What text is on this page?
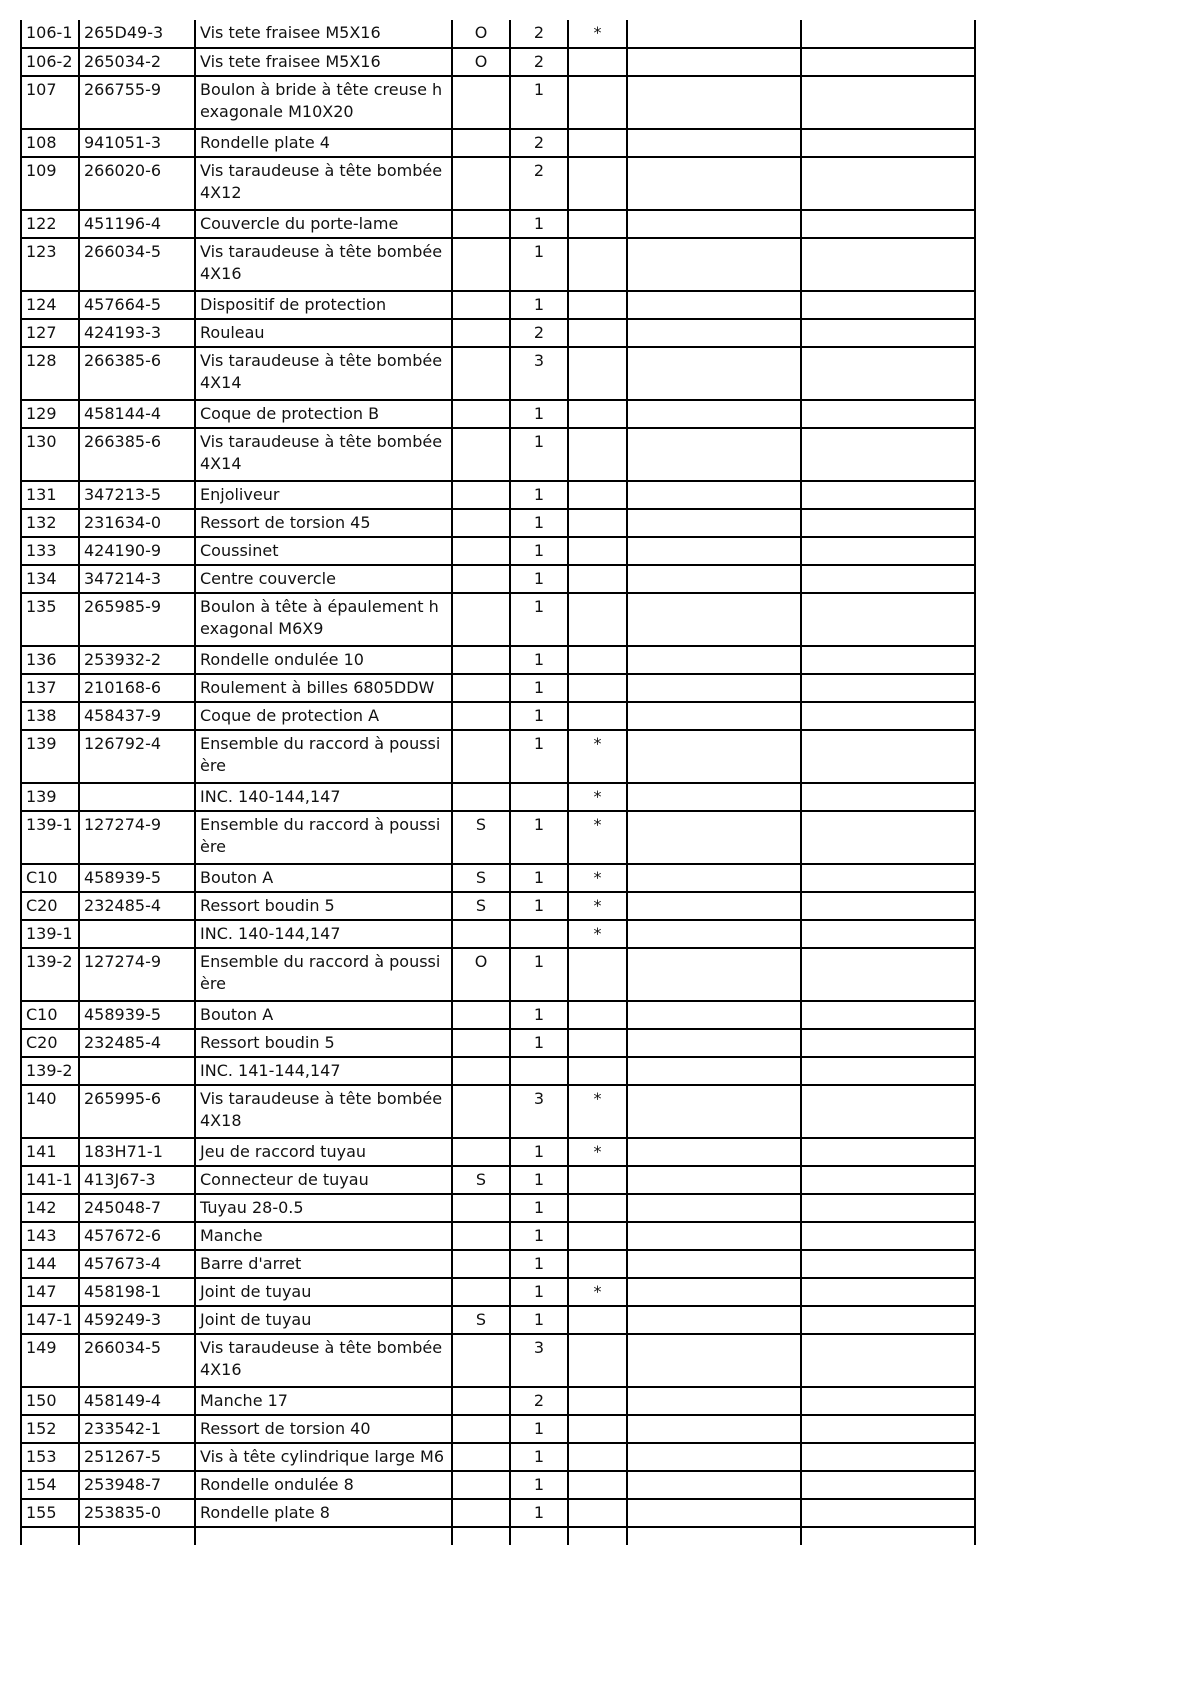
106-1	265D49-3	Vis tete fraisee M5X16	O	2	*		
106-2	265034-2	Vis tete fraisee M5X16	O	2			
107	266755-9	Boulon à bride à tête creuse hexagonale M10X20		1			
108	941051-3	Rondelle plate 4		2			
109	266020-6	Vis taraudeuse à tête bombée 4X12		2			
122	451196-4	Couvercle du porte-lame		1			
123	266034-5	Vis taraudeuse à tête bombée 4X16		1			
124	457664-5	Dispositif de protection		1			
127	424193-3	Rouleau		2			
128	266385-6	Vis taraudeuse à tête bombée 4X14		3			
129	458144-4	Coque de protection B		1			
130	266385-6	Vis taraudeuse à tête bombée 4X14		1			
131	347213-5	Enjoliveur		1			
132	231634-0	Ressort de torsion 45		1			
133	424190-9	Coussinet		1			
134	347214-3	Centre couvercle		1			
135	265985-9	Boulon à tête à épaulement hexagonal M6X9		1			
136	253932-2	Rondelle ondulée 10		1			
137	210168-6	Roulement à billes 6805DDW		1			
138	458437-9	Coque de protection A		1			
139	126792-4	Ensemble du raccord à poussière		1	*		
139		INC. 140-144,147			*		
139-1	127274-9	Ensemble du raccord à poussière	S	1	*		
C10	458939-5	Bouton A	S	1	*		
C20	232485-4	Ressort boudin 5	S	1	*		
139-1		INC. 140-144,147			*		
139-2	127274-9	Ensemble du raccord à poussière	O	1			
C10	458939-5	Bouton A		1			
C20	232485-4	Ressort boudin 5		1			
139-2		INC. 141-144,147					
140	265995-6	Vis taraudeuse à tête bombée 4X18		3	*		
141	183H71-1	Jeu de raccord tuyau		1	*		
141-1	413J67-3	Connecteur de tuyau	S	1			
142	245048-7	Tuyau 28-0.5		1			
143	457672-6	Manche		1			
144	457673-4	Barre d'arret		1			
147	458198-1	Joint de tuyau		1	*		
147-1	459249-3	Joint de tuyau	S	1			
149	266034-5	Vis taraudeuse à tête bombée 4X16		3			
150	458149-4	Manche 17		2			
152	233542-1	Ressort de torsion 40		1			
153	251267-5	Vis à tête cylindrique large M6		1			
154	253948-7	Rondelle ondulée 8		1			
155	253835-0	Rondelle plate 8		1			
